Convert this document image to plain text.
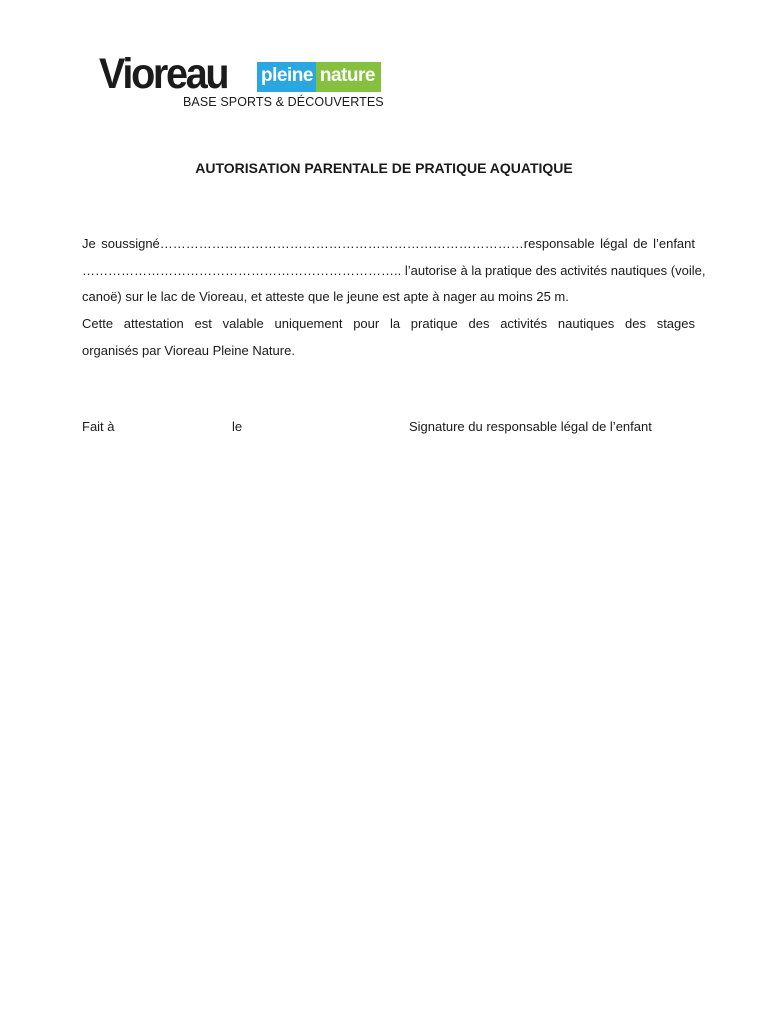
Vioreau pleine nature
BASE SPORTS & DÉCOUVERTES
AUTORISATION PARENTALE DE PRATIQUE AQUATIQUE
Je soussigné…………………………………………………………………………responsable légal de l’enfant
……………………………………………………………….. l’autorise à la pratique des activités nautiques (voile,
canoë) sur le lac de Vioreau, et atteste que le jeune est apte à nager au moins 25 m.
Cette attestation est valable uniquement pour la pratique des activités nautiques des stages
organisés par Vioreau Pleine Nature.
Fait à	le	Signature du responsable légal de l’enfant
